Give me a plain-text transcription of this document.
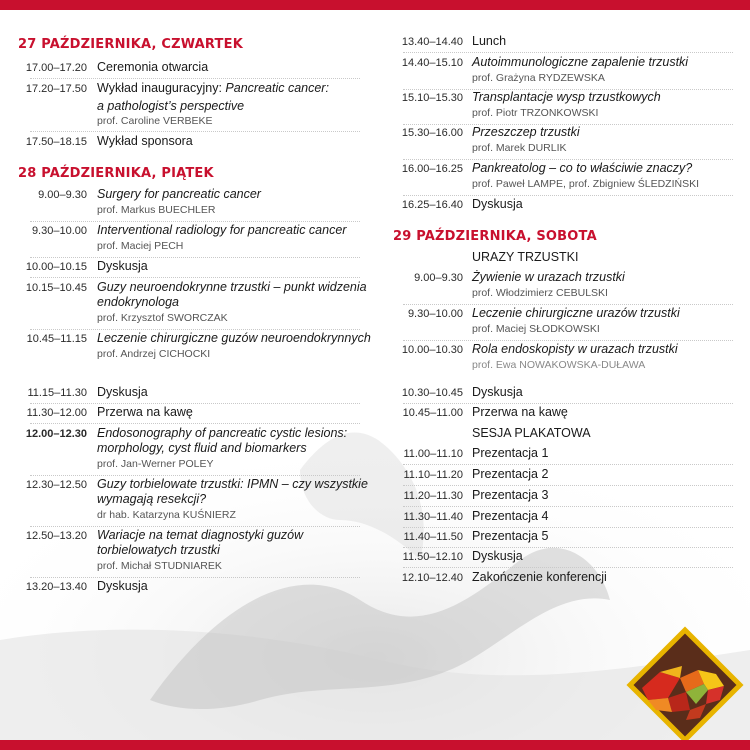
27 PAŹDZIERNIKA, CZWARTEK
17.00–17.20 Ceremonia otwarcia
17.20–17.50 Wykład inauguracyjny: Pancreatic cancer:
a pathologist’s perspective
prof. Caroline VERBEKE
17.50–18.15 Wykład sponsora
28 PAŹDZIERNIKA, PIĄTEK
9.00–9.30 Surgery for pancreatic cancer
prof. Markus BUECHLER
9.30–10.00 Interventional radiology for pancreatic cancer
prof. Maciej PECH
10.00–10.15 Dyskusja
10.15–10.45 Guzy neuroendokrynne trzustki – punkt widzenia
endokrynologa
prof. Krzysztof SWORCZAK
10.45–11.15 Leczenie chirurgiczne guzów neuroendokrynnych
prof. Andrzej CICHOCKI
11.15–11.30 Dyskusja
11.30–12.00 Przerwa na kawę
12.00–12.30 Endosonography of pancreatic cystic lesions:
morphology, cyst fluid and biomarkers
prof. Jan-Werner POLEY
12.30–12.50 Guzy torbielowate trzustki: IPMN – czy wszystkie
wymagają resekcji?
dr hab. Katarzyna KUŚNIERZ
12.50–13.20 Wariacje na temat diagnostyki guzów
torbielowatych trzustki
prof. Michał STUDNIAREK
13.20–13.40 Dyskusja
13.40–14.40 Lunch
14.40–15.10 Autoimmunologiczne zapalenie trzustki
prof. Grażyna RYDZEWSKA
15.10–15.30 Transplantacje wysp trzustkowych
prof. Piotr TRZONKOWSKI
15.30–16.00 Przeszczep trzustki
prof. Marek DURLIK
16.00–16.25 Pankreatolog – co to właściwie znaczy?
prof. Paweł LAMPE, prof. Zbigniew ŚLEDZIŃSKI
16.25–16.40 Dyskusja
29 PAŹDZIERNIKA, SOBOTA
URAZY TRZUSTKI
9.00–9.30 Żywienie w urazach trzustki
prof. Włodzimierz CEBULSKI
9.30–10.00 Leczenie chirurgiczne urazów trzustki
prof. Maciej SŁODKOWSKI
10.00–10.30 Rola endoskopisty w urazach trzustki
prof. Ewa NOWAKOWSKA-DUŁAWA
10.30–10.45 Dyskusja
10.45–11.00 Przerwa na kawę
SESJA PLAKATOWA
11.00–11.10 Prezentacja 1
11.10–11.20 Prezentacja 2
11.20–11.30 Prezentacja 3
11.30–11.40 Prezentacja 4
11.40–11.50 Prezentacja 5
11.50–12.10 Dyskusja
12.10–12.40 Zakończenie konferencji
